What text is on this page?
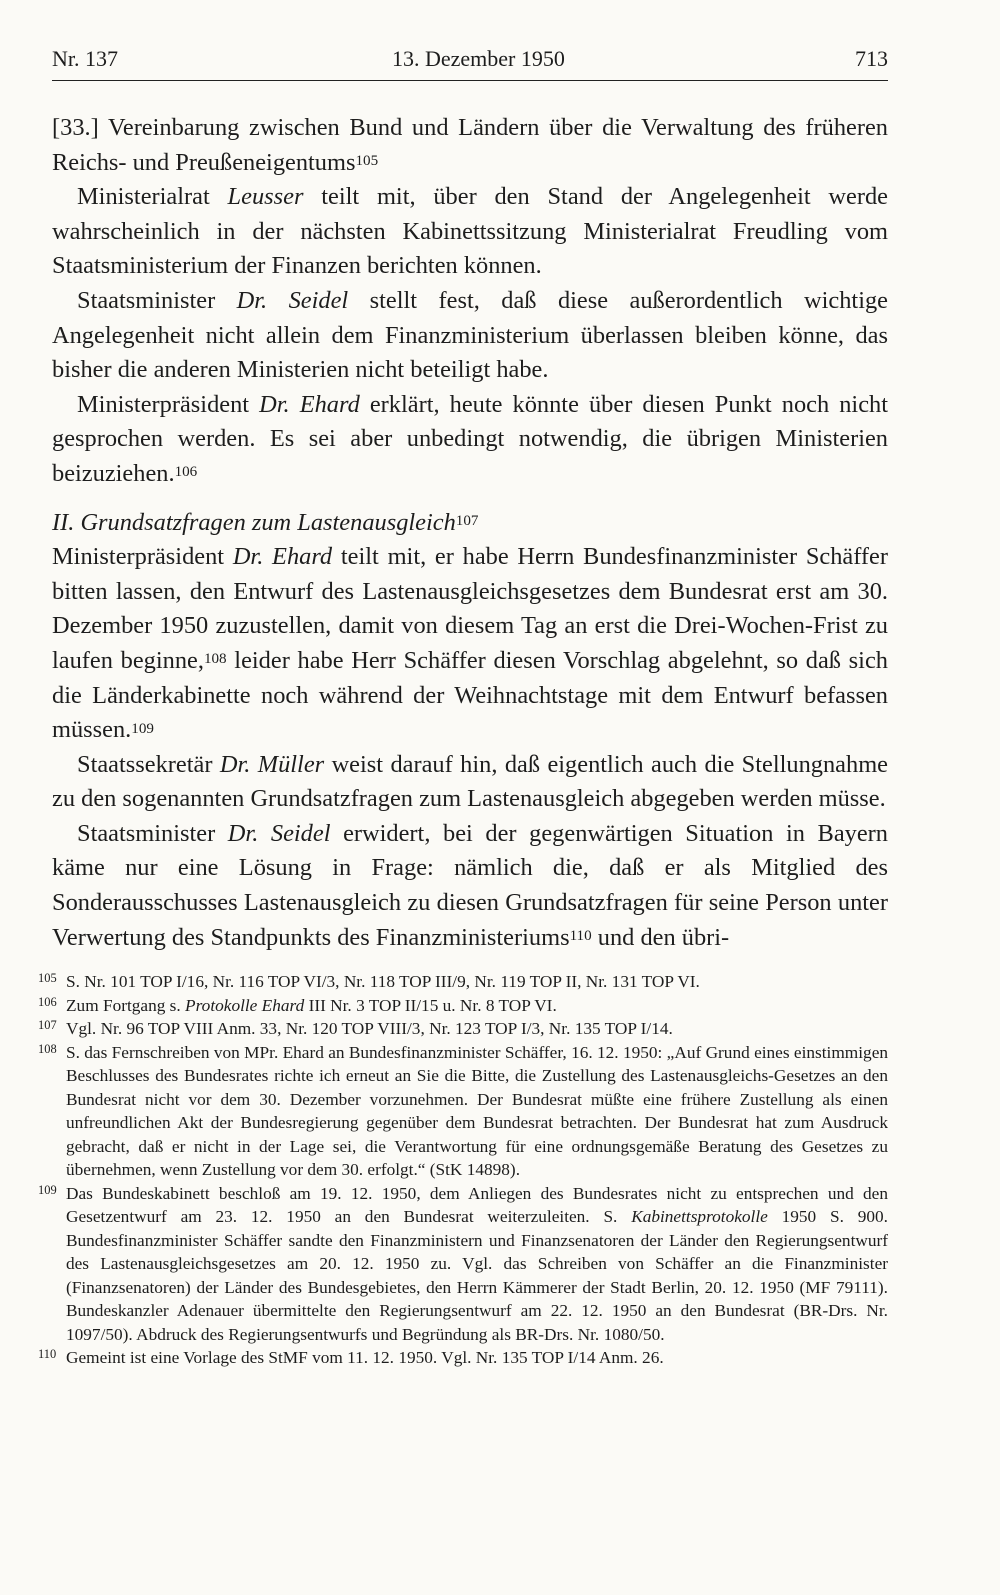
Nr. 137	13. Dezember 1950	713

[33.] Vereinbarung zwischen Bund und Ländern über die Verwaltung des früheren Reichs- und Preußeneigentums$^{105}$

Ministerialrat Leusser teilt mit, über den Stand der Angelegenheit werde wahrscheinlich in der nächsten Kabinettssitzung Ministerialrat Freudling vom Staatsministerium der Finanzen berichten können.

Staatsminister Dr. Seidel stellt fest, daß diese außerordentlich wichtige Angelegenheit nicht allein dem Finanzministerium überlassen bleiben könne, das bisher die anderen Ministerien nicht beteiligt habe.

Ministerpräsident Dr. Ehard erklärt, heute könnte über diesen Punkt noch nicht gesprochen werden. Es sei aber unbedingt notwendig, die übrigen Ministerien beizuziehen.$^{106}$

II. Grundsatzfragen zum Lastenausgleich$^{107}$

Ministerpräsident Dr. Ehard teilt mit, er habe Herrn Bundesfinanzminister Schäffer bitten lassen, den Entwurf des Lastenausgleichsgesetzes dem Bundesrat erst am 30. Dezember 1950 zuzustellen, damit von diesem Tag an erst die Drei-Wochen-Frist zu laufen beginne,$^{108}$ leider habe Herr Schäffer diesen Vorschlag abgelehnt, so daß sich die Länderkabinette noch während der Weihnachtstage mit dem Entwurf befassen müssen.$^{109}$

Staatssekretär Dr. Müller weist darauf hin, daß eigentlich auch die Stellungnahme zu den sogenannten Grundsatzfragen zum Lastenausgleich abgegeben werden müsse.

Staatsminister Dr. Seidel erwidert, bei der gegenwärtigen Situation in Bayern käme nur eine Lösung in Frage: nämlich die, daß er als Mitglied des Sonderausschusses Lastenausgleich zu diesen Grundsatzfragen für seine Person unter Verwertung des Standpunkts des Finanzministeriums$^{110}$ und den übri-

105 S. Nr. 101 TOP I/16, Nr. 116 TOP VI/3, Nr. 118 TOP III/9, Nr. 119 TOP II, Nr. 131 TOP VI.

106 Zum Fortgang s. Protokolle Ehard III Nr. 3 TOP II/15 u. Nr. 8 TOP VI.

107 Vgl. Nr. 96 TOP VIII Anm. 33, Nr. 120 TOP VIII/3, Nr. 123 TOP I/3, Nr. 135 TOP I/14.

108 S. das Fernschreiben von MPr. Ehard an Bundesfinanzminister Schäffer, 16. 12. 1950: „Auf Grund eines einstimmigen Beschlusses des Bundesrates richte ich erneut an Sie die Bitte, die Zustellung des Lastenausgleichs-Gesetzes an den Bundesrat nicht vor dem 30. Dezember vorzunehmen. Der Bundesrat müßte eine frühere Zustellung als einen unfreundlichen Akt der Bundesregierung gegenüber dem Bundesrat betrachten. Der Bundesrat hat zum Ausdruck gebracht, daß er nicht in der Lage sei, die Verantwortung für eine ordnungsgemäße Beratung des Gesetzes zu übernehmen, wenn Zustellung vor dem 30. erfolgt.“ (StK 14898).

109 Das Bundeskabinett beschloß am 19. 12. 1950, dem Anliegen des Bundesrates nicht zu entsprechen und den Gesetzentwurf am 23. 12. 1950 an den Bundesrat weiterzuleiten. S. Kabinettsprotokolle 1950 S. 900. Bundesfinanzminister Schäffer sandte den Finanzministern und Finanzsenatoren der Länder den Regierungsentwurf des Lastenausgleichsgesetzes am 20. 12. 1950 zu. Vgl. das Schreiben von Schäffer an die Finanzminister (Finanzsenatoren) der Länder des Bundesgebietes, den Herrn Kämmerer der Stadt Berlin, 20. 12. 1950 (MF 79111). Bundeskanzler Adenauer übermittelte den Regierungsentwurf am 22. 12. 1950 an den Bundesrat (BR-Drs. Nr. 1097/50). Abdruck des Regierungsentwurfs und Begründung als BR-Drs. Nr. 1080/50.

110 Gemeint ist eine Vorlage des StMF vom 11. 12. 1950. Vgl. Nr. 135 TOP I/14 Anm. 26.
